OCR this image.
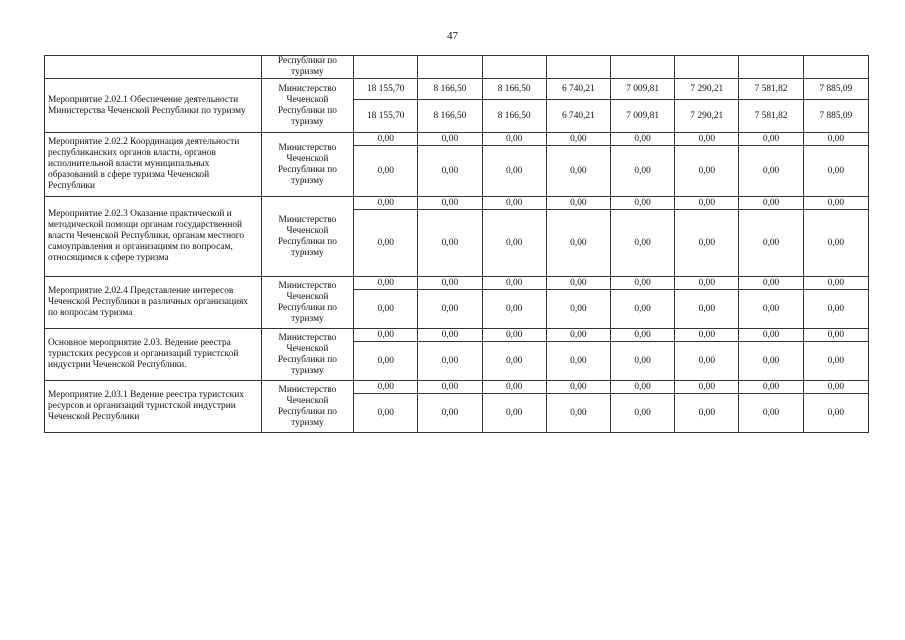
47
	Республики по туризму								
Мероприятие 2.02.1 Обеспечение деятельности Министерства Чеченской Республики по туризму	Министерство Чеченской Республики по туризму	18 155,70	8 166,50	8 166,50	6 740,21	7 009,81	7 290,21	7 581,82	7 885,09
		18 155,70	8 166,50	8 166,50	6 740,21	7 009,81	7 290,21	7 581,82	7 885,09
Мероприятие 2.02.2 Координация деятельности республиканских органов власти, органов исполнительной власти муниципальных образований в сфере туризма Чеченской Республики	Министерство Чеченской Республики по туризму	0,00	0,00	0,00	0,00	0,00	0,00	0,00	0,00
		0,00	0,00	0,00	0,00	0,00	0,00	0,00	0,00
Мероприятие 2.02.3 Оказание практической и методической помощи органам государственной власти Чеченской Республики, органам местного самоуправления и организациям по вопросам, относящимся к сфере туризма	Министерство Чеченской Республики по туризму	0,00	0,00	0,00	0,00	0,00	0,00	0,00	0,00
		0,00	0,00	0,00	0,00	0,00	0,00	0,00	0,00
Мероприятие 2.02.4 Представление интересов Чеченской Республики в различных организациях по вопросам туризма	Министерство Чеченской Республики по туризму	0,00	0,00	0,00	0,00	0,00	0,00	0,00	0,00
		0,00	0,00	0,00	0,00	0,00	0,00	0,00	0,00
Основное мероприятие 2.03. Ведение реестра туристских ресурсов и организаций туристской индустрии Чеченской Республики.	Министерство Чеченской Республики по туризму	0,00	0,00	0,00	0,00	0,00	0,00	0,00	0,00
		0,00	0,00	0,00	0,00	0,00	0,00	0,00	0,00
Мероприятие 2.03.1 Ведение реестра туристских ресурсов и организаций туристской индустрии Чеченской Республики	Министерство Чеченской Республики по туризму	0,00	0,00	0,00	0,00	0,00	0,00	0,00	0,00
		0,00	0,00	0,00	0,00	0,00	0,00	0,00	0,00
